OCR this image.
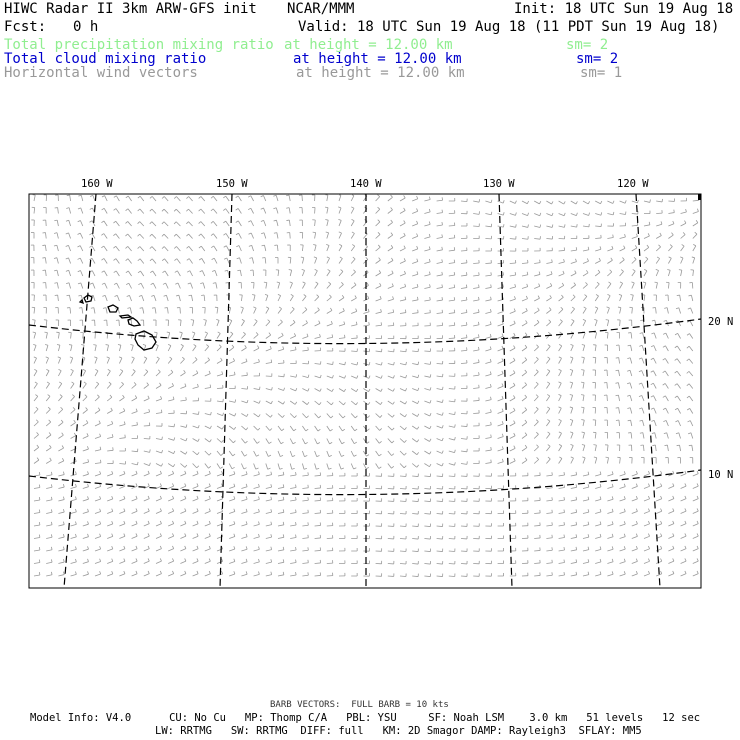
HIWC Radar II 3km ARW-GFS init NCAR/MMM	Init: 18 UTC Sun 19 Aug 18
Fcst: 0 h	Valid: 18 UTC Sun 19 Aug 18 (11 PDT Sun 19 Aug 18)
Total precipitation mixing ratio at height = 12.00 km	sm= 2
Total cloud mixing ratio	at height = 12.00 km	sm= 2
Horizontal wind vectors	at height = 12.00 km	sm= 1
160 W	150 W	140 W	130 W	120 W
20 N
10 N
BARB VECTORS:  FULL BARB = 10 kts
Model Info: V4.0      CU: No Cu   MP: Thomp C/A   PBL: YSU     SF: Noah LSM    3.0 km   51 levels   12 sec
LW: RRTMG   SW: RRTMG  DIFF: full   KM: 2D Smagor DAMP: Rayleigh3  SFLAY: MM5
